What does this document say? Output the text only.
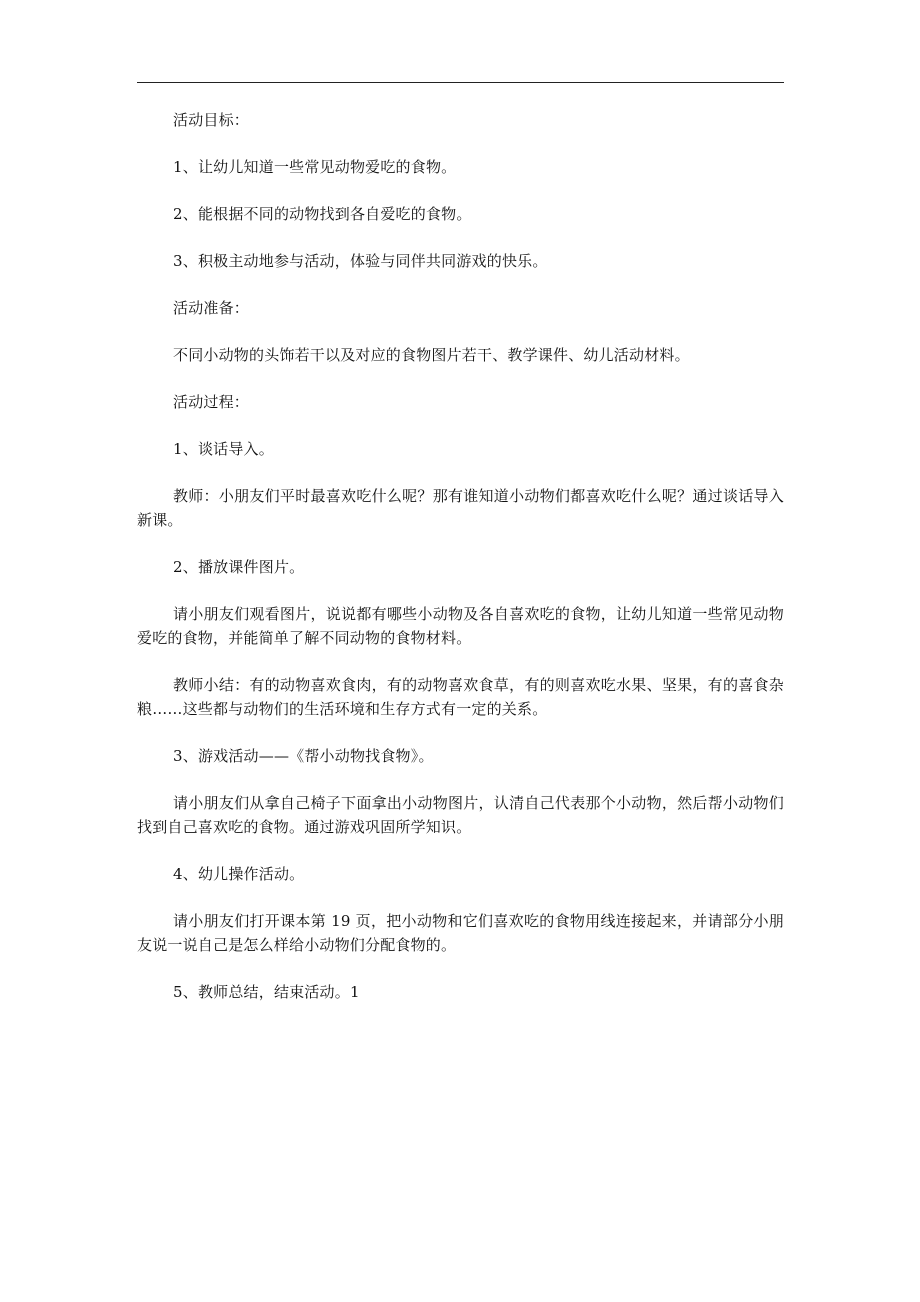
活动目标：

1、让幼儿知道一些常见动物爱吃的食物。

2、能根据不同的动物找到各自爱吃的食物。

3、积极主动地参与活动，体验与同伴共同游戏的快乐。

活动准备：

不同小动物的头饰若干以及对应的食物图片若干、教学课件、幼儿活动材料。

活动过程：

1、谈话导入。

教师：小朋友们平时最喜欢吃什么呢？那有谁知道小动物们都喜欢吃什么呢？通过谈话导入新课。

2、播放课件图片。

请小朋友们观看图片，说说都有哪些小动物及各自喜欢吃的食物，让幼儿知道一些常见动物爱吃的食物，并能简单了解不同动物的食物材料。

教师小结：有的动物喜欢食肉，有的动物喜欢食草，有的则喜欢吃水果、坚果，有的喜食杂粮……这些都与动物们的生活环境和生存方式有一定的关系。

3、游戏活动——《帮小动物找食物》。

请小朋友们从拿自己椅子下面拿出小动物图片，认清自己代表那个小动物，然后帮小动物们找到自己喜欢吃的食物。通过游戏巩固所学知识。

4、幼儿操作活动。

请小朋友们打开课本第 19 页，把小动物和它们喜欢吃的食物用线连接起来，并请部分小朋友说一说自己是怎么样给小动物们分配食物的。

5、教师总结，结束活动。1
